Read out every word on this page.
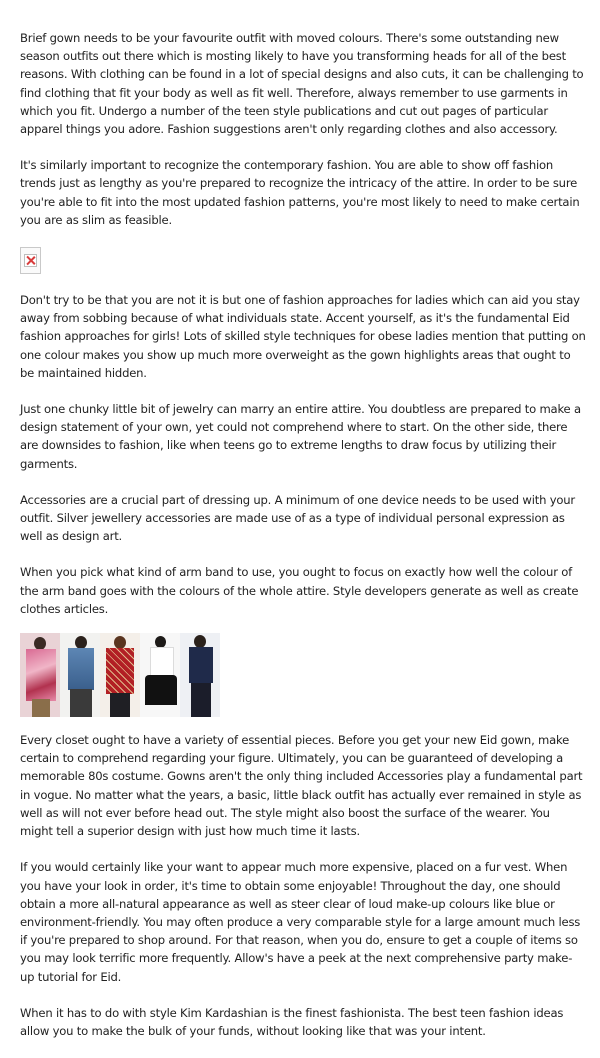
Brief gown needs to be your favourite outfit with moved colours. There's some outstanding new season outfits out there which is mosting likely to have you transforming heads for all of the best reasons. With clothing can be found in a lot of special designs and also cuts, it can be challenging to find clothing that fit your body as well as fit well. Therefore, always remember to use garments in which you fit. Undergo a number of the teen style publications and cut out pages of particular apparel things you adore. Fashion suggestions aren't only regarding clothes and also accessory.

It's similarly important to recognize the contemporary fashion. You are able to show off fashion trends just as lengthy as you're prepared to recognize the intricacy of the attire. In order to be sure you're able to fit into the most updated fashion patterns, you're most likely to need to make certain you are as slim as feasible.

Don't try to be that you are not it is but one of fashion approaches for ladies which can aid you stay away from sobbing because of what individuals state. Accent yourself, as it's the fundamental Eid fashion approaches for girls! Lots of skilled style techniques for obese ladies mention that putting on one colour makes you show up much more overweight as the gown highlights areas that ought to be maintained hidden.

Just one chunky little bit of jewelry can marry an entire attire. You doubtless are prepared to make a design statement of your own, yet could not comprehend where to start. On the other side, there are downsides to fashion, like when teens go to extreme lengths to draw focus by utilizing their garments.

Accessories are a crucial part of dressing up. A minimum of one device needs to be used with your outfit. Silver jewellery accessories are made use of as a type of individual personal expression as well as design art.

When you pick what kind of arm band to use, you ought to focus on exactly how well the colour of the arm band goes with the colours of the whole attire. Style developers generate as well as create clothes articles.

Every closet ought to have a variety of essential pieces. Before you get your new Eid gown, make certain to comprehend regarding your figure. Ultimately, you can be guaranteed of developing a memorable 80s costume. Gowns aren't the only thing included Accessories play a fundamental part in vogue. No matter what the years, a basic, little black outfit has actually ever remained in style as well as will not ever before head out. The style might also boost the surface of the wearer. You might tell a superior design with just how much time it lasts.

If you would certainly like your want to appear much more expensive, placed on a fur vest. When you have your look in order, it's time to obtain some enjoyable! Throughout the day, one should obtain a more all-natural appearance as well as steer clear of loud make-up colours like blue or environment-friendly. You may often produce a very comparable style for a large amount much less if you're prepared to shop around. For that reason, when you do, ensure to get a couple of items so you may look terrific more frequently. Allow's have a peek at the next comprehensive party make-up tutorial for Eid.

When it has to do with style Kim Kardashian is the finest fashionista. The best teen fashion ideas allow you to make the bulk of your funds, without looking like that was your intent.
